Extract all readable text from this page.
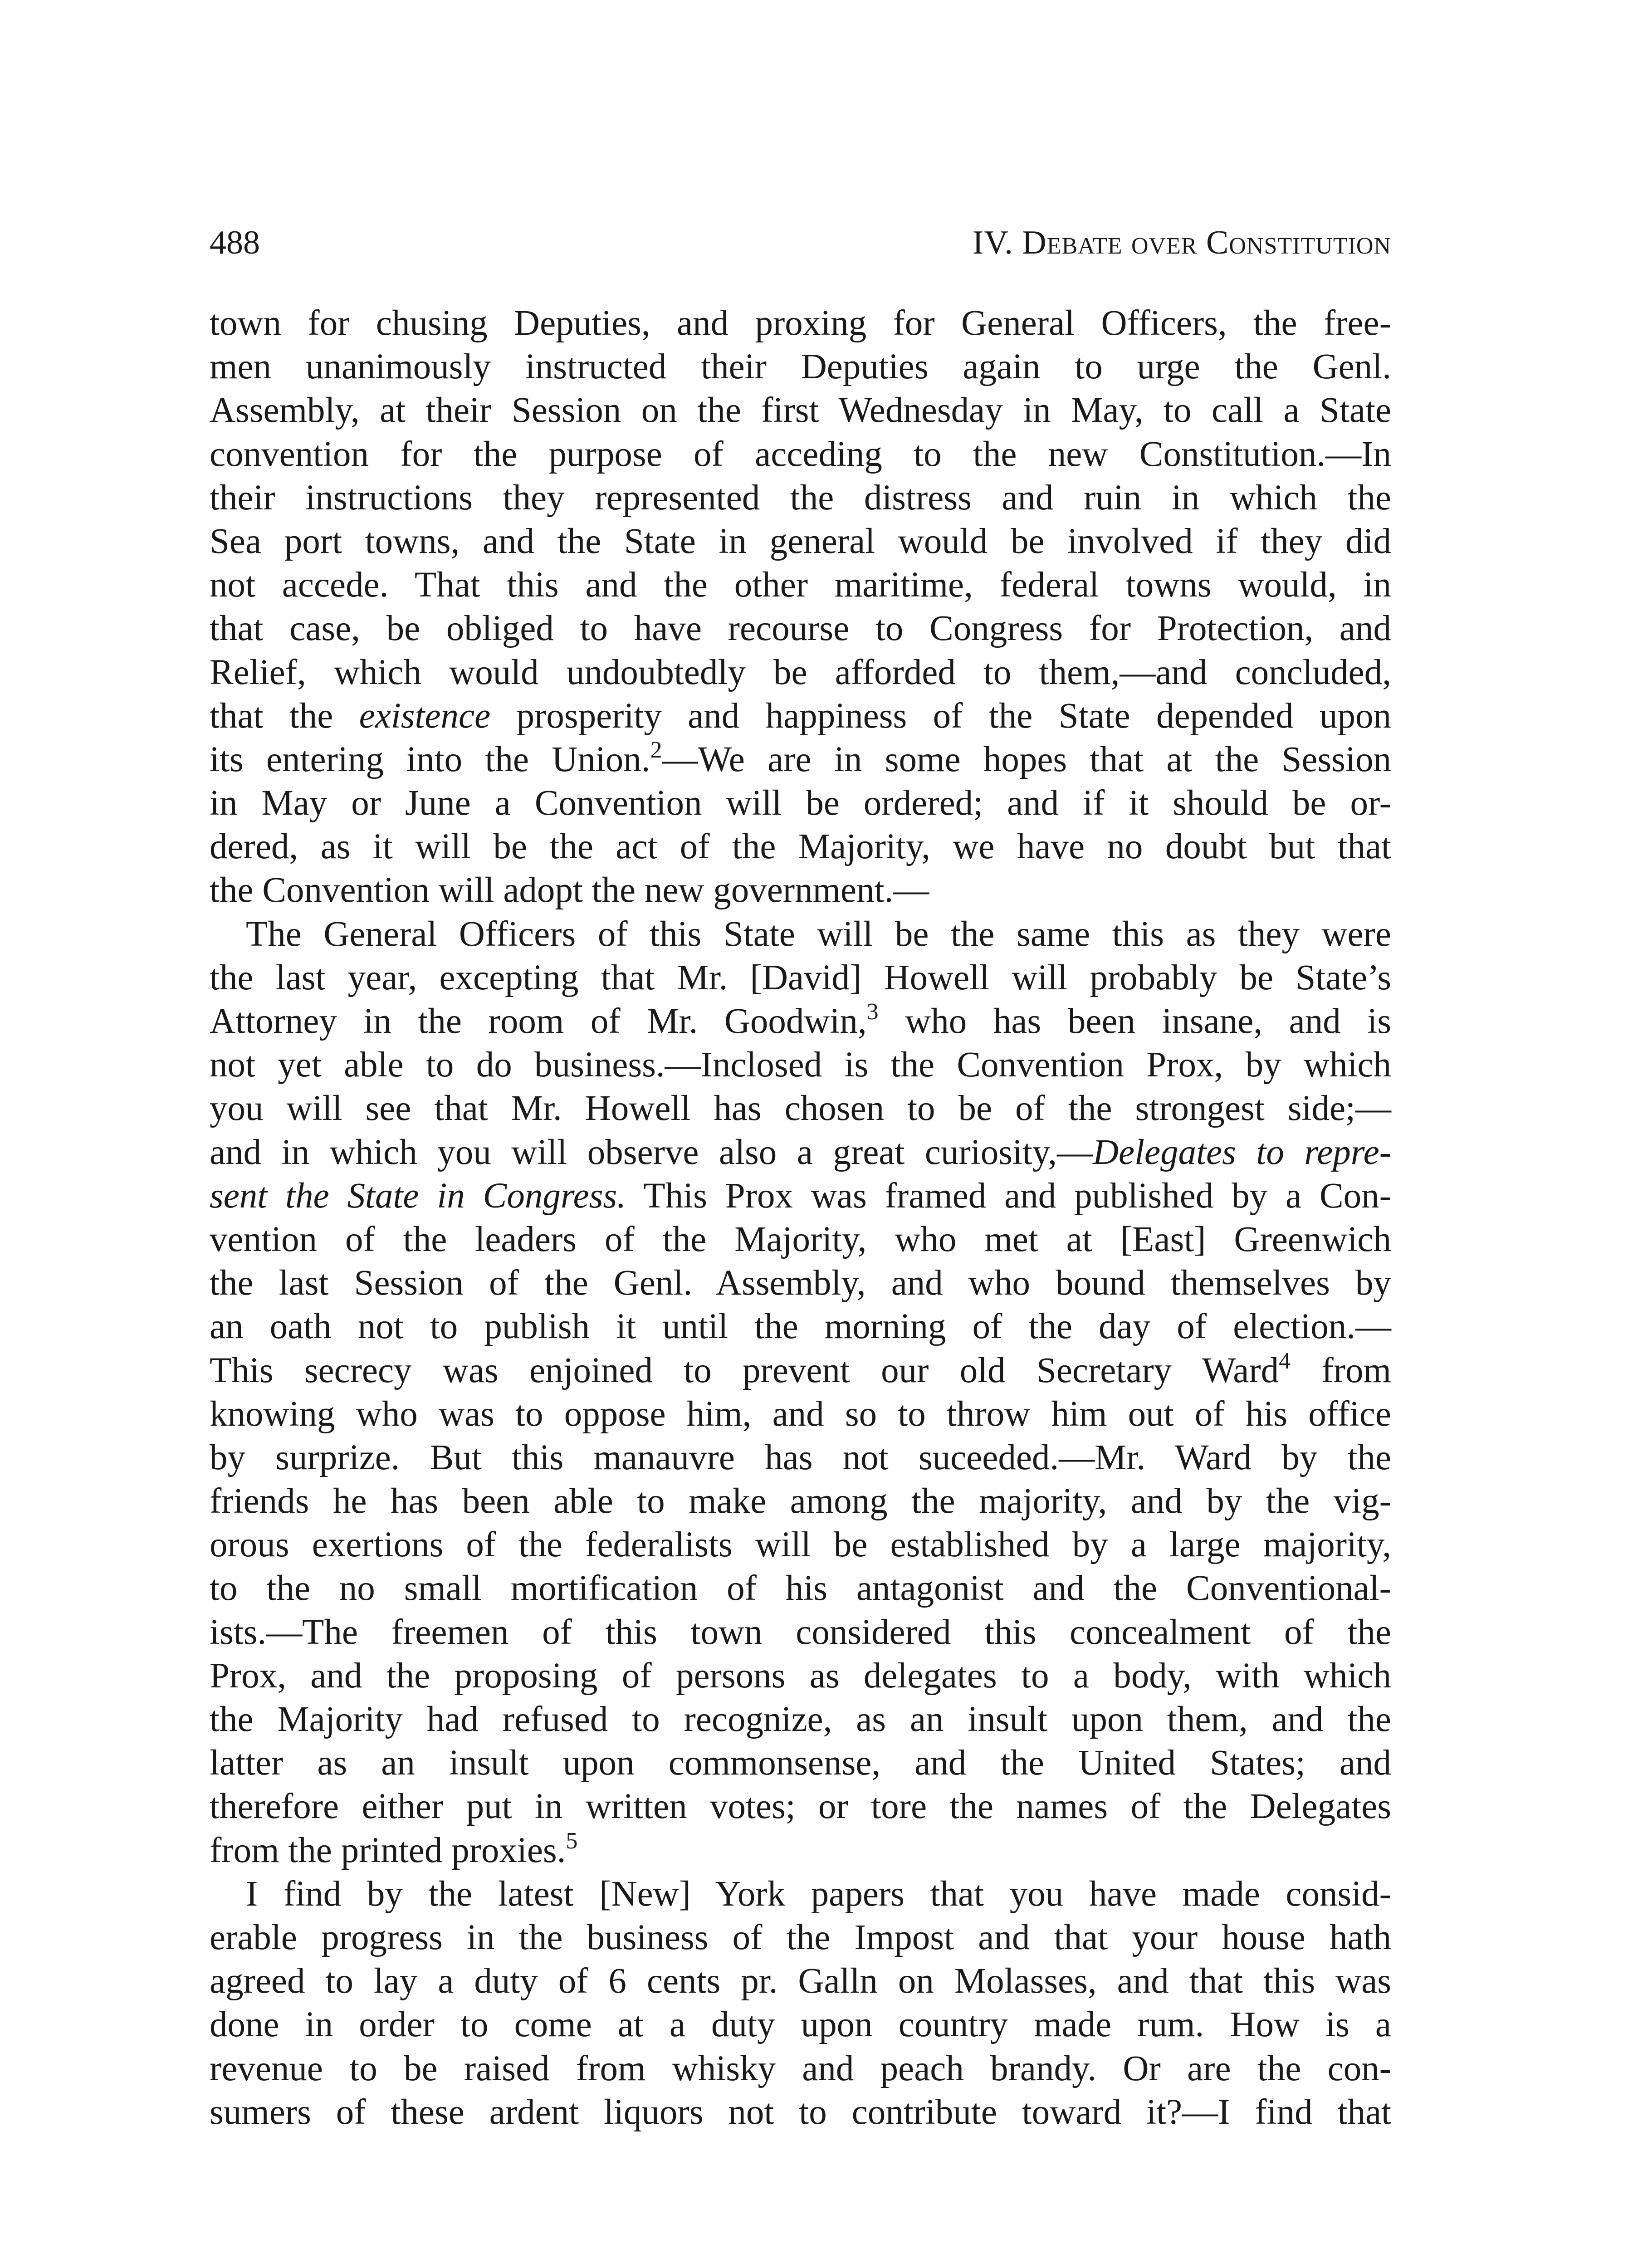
488	IV. Debate over Constitution
town for chusing Deputies, and proxing for General Officers, the free-
men unanimously instructed their Deputies again to urge the Genl.
Assembly, at their Session on the first Wednesday in May, to call a State
convention for the purpose of acceding to the new Constitution.—In
their instructions they represented the distress and ruin in which the
Sea port towns, and the State in general would be involved if they did
not accede. That this and the other maritime, federal towns would, in
that case, be obliged to have recourse to Congress for Protection, and
Relief, which would undoubtedly be afforded to them,—and concluded,
that the existence prosperity and happiness of the State depended upon
its entering into the Union.$^2$—We are in some hopes that at the Session
in May or June a Convention will be ordered; and if it should be or-
dered, as it will be the act of the Majority, we have no doubt but that
the Convention will adopt the new government.—
The General Officers of this State will be the same this as they were
the last year, excepting that Mr. [David] Howell will probably be State’s
Attorney in the room of Mr. Goodwin,$^3$ who has been insane, and is
not yet able to do business.—Inclosed is the Convention Prox, by which
you will see that Mr. Howell has chosen to be of the strongest side;—
and in which you will observe also a great curiosity,—Delegates to repre-
sent the State in Congress. This Prox was framed and published by a Con-
vention of the leaders of the Majority, who met at [East] Greenwich
the last Session of the Genl. Assembly, and who bound themselves by
an oath not to publish it until the morning of the day of election.—
This secrecy was enjoined to prevent our old Secretary Ward$^4$ from
knowing who was to oppose him, and so to throw him out of his office
by surprize. But this manauvre has not suceeded.—Mr. Ward by the
friends he has been able to make among the majority, and by the vig-
orous exertions of the federalists will be established by a large majority,
to the no small mortification of his antagonist and the Conventional-
ists.—The freemen of this town considered this concealment of the
Prox, and the proposing of persons as delegates to a body, with which
the Majority had refused to recognize, as an insult upon them, and the
latter as an insult upon commonsense, and the United States; and
therefore either put in written votes; or tore the names of the Delegates
from the printed proxies.$^5$
I find by the latest [New] York papers that you have made consid-
erable progress in the business of the Impost and that your house hath
agreed to lay a duty of 6 cents pr. Galln on Molasses, and that this was
done in order to come at a duty upon country made rum. How is a
revenue to be raised from whisky and peach brandy. Or are the con-
sumers of these ardent liquors not to contribute toward it?—I find that
